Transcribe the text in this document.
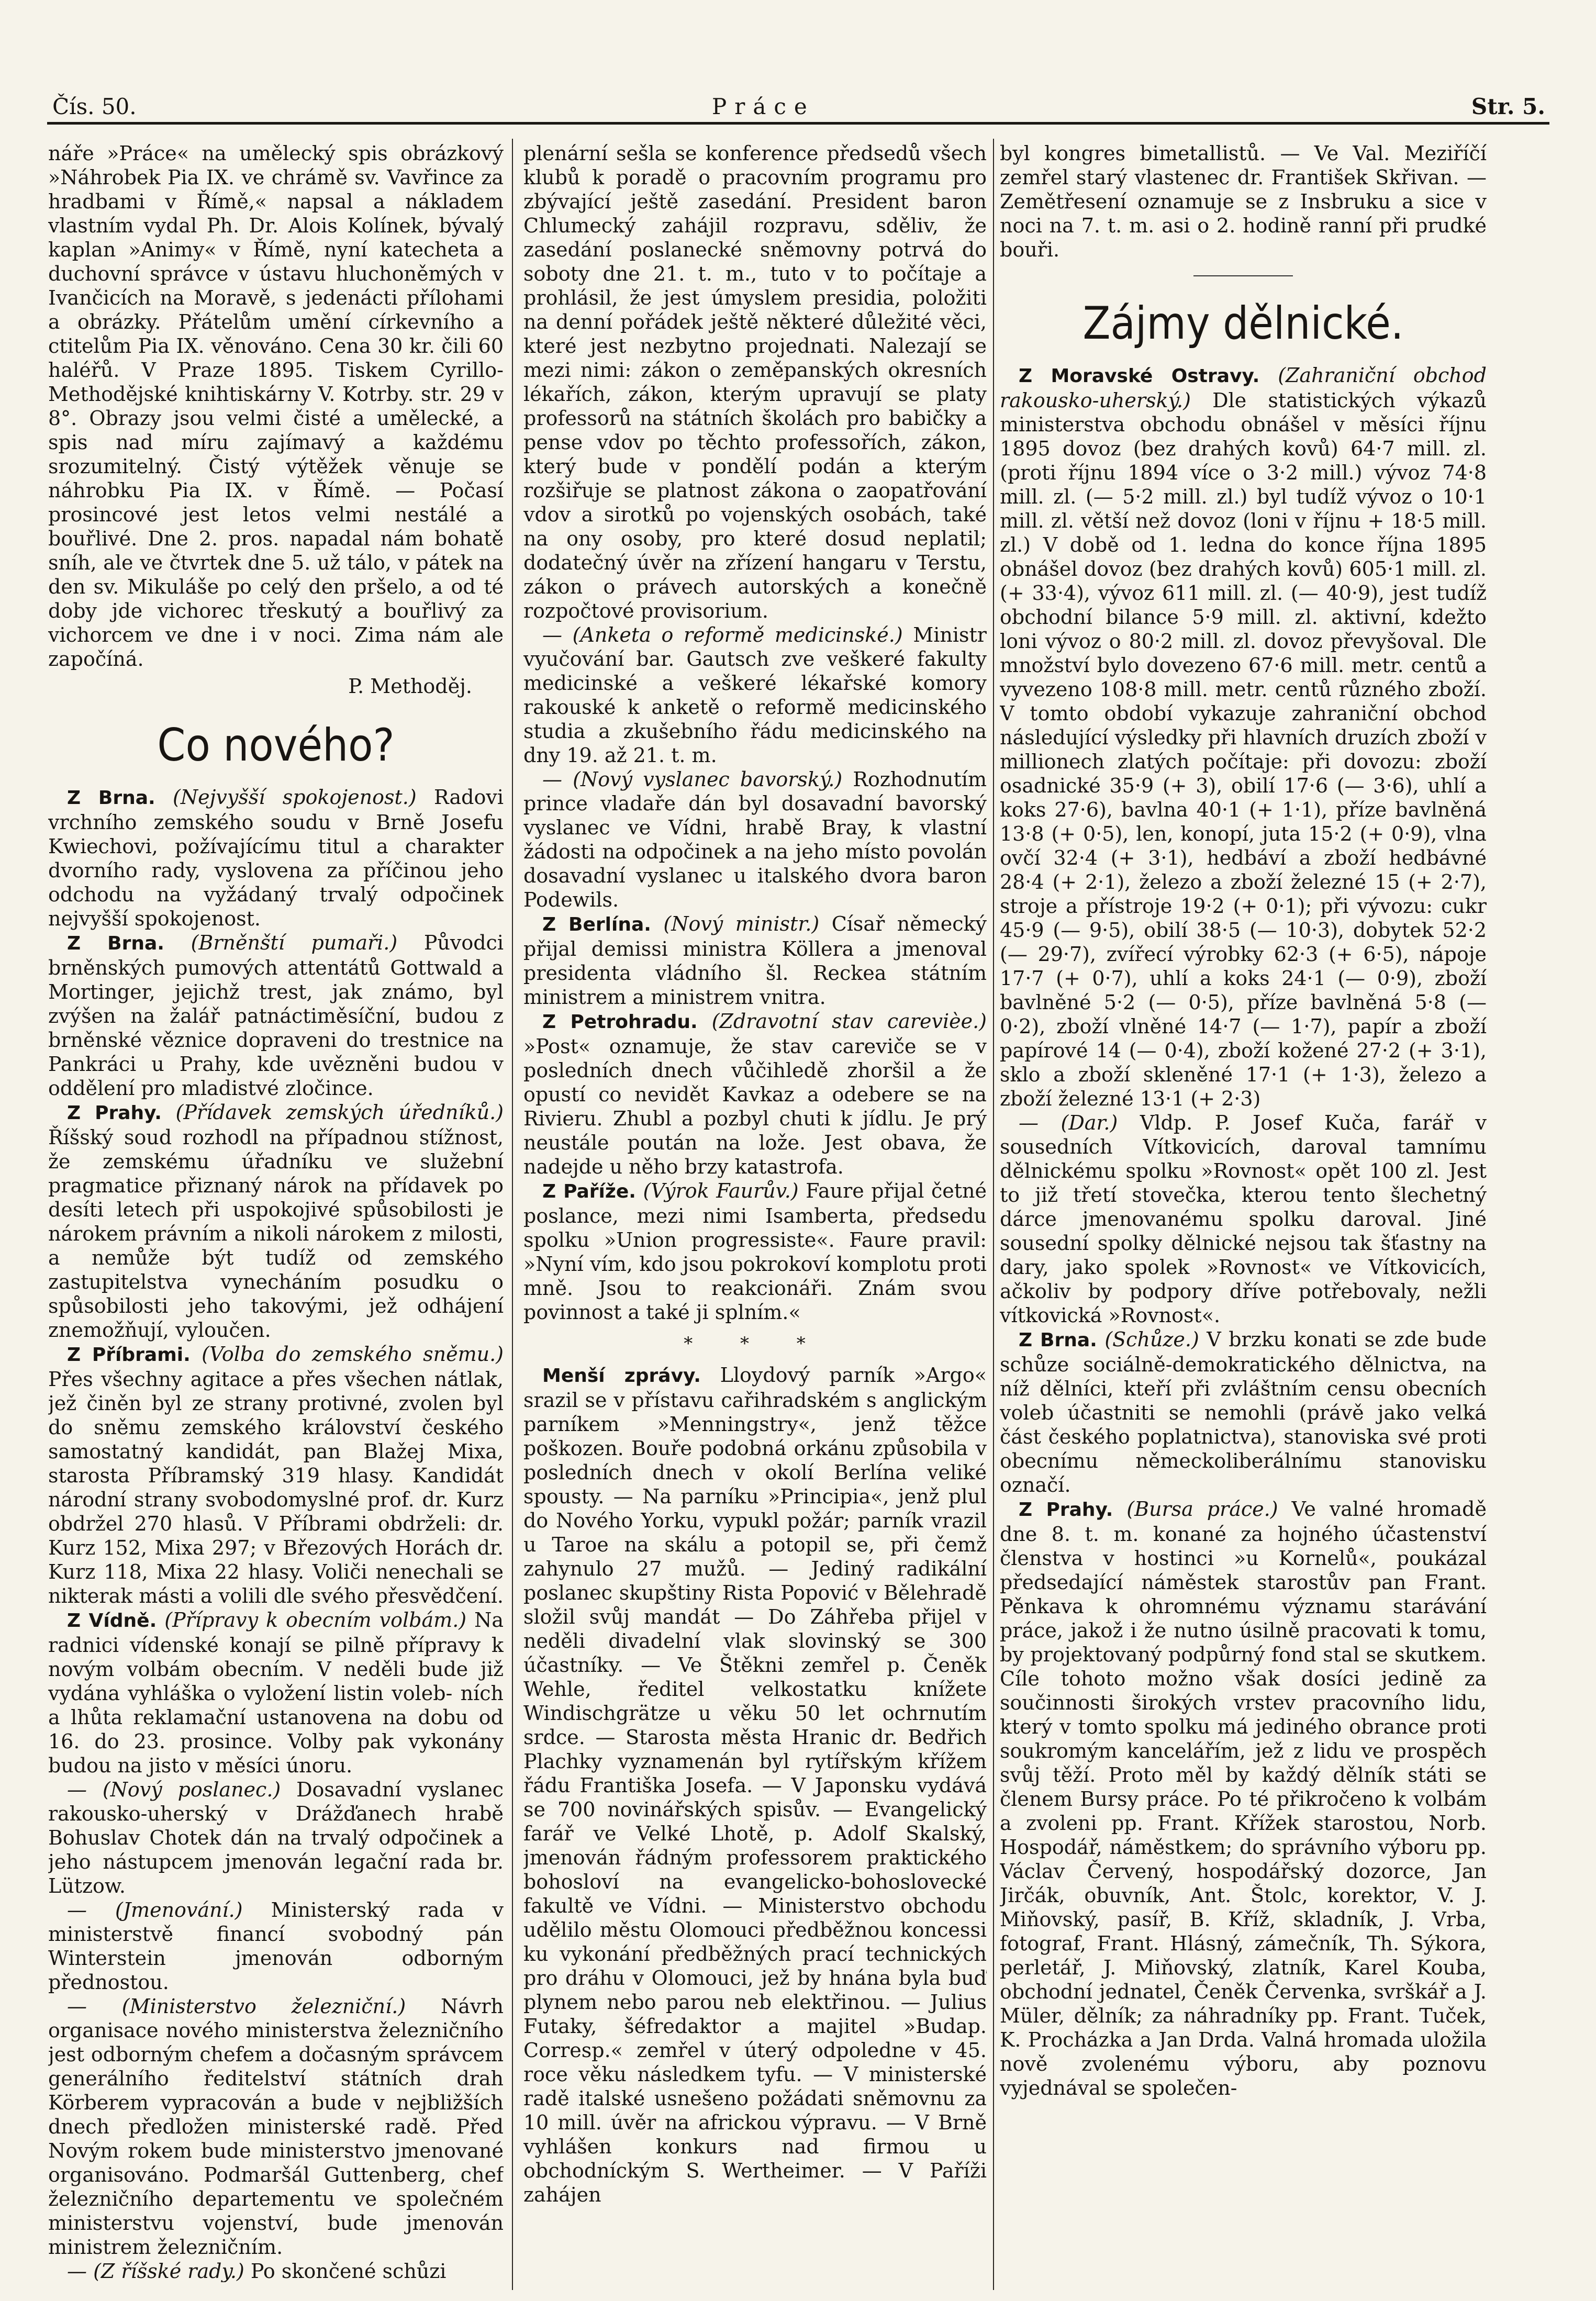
Čís. 50.	Práce	Str. 5.

náře »Práce« na umělecký spis obrázkový »Náhrobek Pia IX. ve chrámě sv. Vavřince za hradbami v Římě,« napsal a nákladem vlastním vydal Ph. Dr. Alois Kolínek, bývalý kaplan »Animy« v Římě, nyní katecheta a duchovní správce v ústavu hluchoněmých v Ivančicích na Moravě, s jedenácti přílohami a obrázky. Přátelům umění církevního a ctitelům Pia IX. věnováno. Cena 30 kr. čili 60 haléřů. V Praze 1895. Tiskem Cyrillo-Methodějské knihtiskárny V. Kotrby. str. 29 v 8°. Obrazy jsou velmi čisté a umělecké, a spis nad míru zajímavý a každému srozumitelný. Čistý výtěžek věnuje se náhrobku Pia IX. v Římě. — Počasí prosincové jest letos velmi nestálé a bouřlivé. Dne 2. pros. napadal nám bohatě sníh, ale ve čtvrtek dne 5. už tálo, v pátek na den sv. Mikuláše po celý den pršelo, a od té doby jde vichorec třeskutý a bouřlivý za vichorcem ve dne i v noci. Zima nám ale započíná.

P. Methoděj.
Co nového?

Z Brna. (Nejvyšší spokojenost.) Radovi vrchního zemského soudu v Brně Josefu Kwiechovi, požívajícímu titul a charakter dvorního rady, vyslovena za příčinou jeho odchodu na vyžádaný trvalý odpočinek nejvyšší spokojenost.

Z Brna. (Brněnští pumaři.) Původci brněnských pumových attentátů Gottwald a Mortinger, jejichž trest, jak známo, byl zvýšen na žalář patnáctiměsíční, budou z brněnské věznice dopraveni do trestnice na Pankráci u Prahy, kde uvězněni budou v oddělení pro mladistvé zločince.

Z Prahy. (Přídavek zemských úředníků.) Říšský soud rozhodl na případnou stížnost, že zemskému úřadníku ve služební pragmatice přiznaný nárok na přídavek po desíti letech při uspokojivé spůsobilosti je nárokem právním a nikoli nárokem z milosti, a nemůže být tudíž od zemského zastupitelstva vynecháním posudku o spůsobilosti jeho takovými, jež odhájení znemožňují, vyloučen.

Z Příbrami. (Volba do zemského sněmu.) Přes všechny agitace a přes všechen nátlak, jež činěn byl ze strany protivné, zvolen byl do sněmu zemského království českého samostatný kandidát, pan Blažej Mixa, starosta Příbramský 319 hlasy. Kandidát národní strany svobodomyslné prof. dr. Kurz obdržel 270 hlasů. V Příbrami obdrželi: dr. Kurz 152, Mixa 297; v Březových Horách dr. Kurz 118, Mixa 22 hlasy. Voliči nenechali se nikterak másti a volili dle svého přesvědčení.

Z Vídně. (Přípravy k obecním volbám.) Na radnici vídenské konají se pilně přípravy k novým volbám obecním. V neděli bude již vydána vyhláška o vyložení listin voleb- ních a lhůta reklamační ustanovena na dobu od 16. do 23. prosince. Volby pak vykonány budou na jisto v měsíci únoru.

— (Nový poslanec.) Dosavadní vyslanec rakousko-uherský v Drážďanech hrabě Bohuslav Chotek dán na trvalý odpočinek a jeho nástupcem jmenován legační rada br. Lützow.

— (Jmenování.) Ministerský rada v ministerstvě financí svobodný pán Winterstein jmenován odborným přednostou.

— (Ministerstvo železniční.) Návrh organisace nového ministerstva železničního jest odborným chefem a dočasným správcem generálního ředitelství státních drah Körberem vypracován a bude v nejbližších dnech předložen ministerské radě. Před Novým rokem bude ministerstvo jmenované organisováno. Podmaršál Guttenberg, chef železničního departementu ve společném ministerstvu vojenství, bude jmenován ministrem železničním.

— (Z říšské rady.) Po skončené schůzi

plenární sešla se konference předsedů všech klubů k poradě o pracovním programu pro zbývající ještě zasedání. President baron Chlumecký zahájil rozpravu, sděliv, že zasedání poslanecké sněmovny potrvá do soboty dne 21. t. m., tuto v to počítaje a prohlásil, že jest úmyslem presidia, položiti na denní pořádek ještě některé důležité věci, které jest nezbytno projednati. Nalezají se mezi nimi: zákon o zeměpanských okresních lékařích, zákon, kterým upravují se platy professorů na státních školách pro babičky a pense vdov po těchto professořích, zákon, který bude v pondělí podán a kterým rozšiřuje se platnost zákona o zaopatřování vdov a sirotků po vojenských osobách, také na ony osoby, pro které dosud neplatil; dodatečný úvěr na zřízení hangaru v Terstu, zákon o právech autorských a konečně rozpočtové provisorium.

— (Anketa o reformě medicinské.) Ministr vyučování bar. Gautsch zve veškeré fakulty medicinské a veškeré lékařské komory rakouské k anketě o reformě medicinského studia a zkušebního řádu medicinského na dny 19. až 21. t. m.

— (Nový vyslanec bavorský.) Rozhodnutím prince vladaře dán byl dosavadní bavorský vyslanec ve Vídni, hrabě Bray, k vlastní žádosti na odpočinek a na jeho místo povolán dosavadní vyslanec u italského dvora baron Podewils.

Z Berlína. (Nový ministr.) Císař německý přijal demissi ministra Köllera a jmenoval presidenta vládního šl. Reckea státním ministrem a ministrem vnitra.

Z Petrohradu. (Zdravotní stav carevièe.) »Post« oznamuje, že stav careviče se v posledních dnech vůčihledě zhoršil a že opustí co nevidět Kavkaz a odebere se na Rivieru. Zhubl a pozbyl chuti k jídlu. Je prý neustále poután na lože. Jest obava, že nadejde u něho brzy katastrofa.

Z Paříže. (Výrok Faurův.) Faure přijal četné poslance, mezi nimi Isamberta, předsedu spolku »Union progressiste«. Faure pravil: »Nyní vím, kdo jsou pokrokoví komplotu proti mně. Jsou to reakcionáři. Znám svou povinnost a také ji splním.«

* * *

Menší zprávy. Lloydový parník »Argo« srazil se v přístavu cařihradském s anglickým parníkem »Menningstry«, jenž těžce poškozen. Bouře podobná orkánu způsobila v posledních dnech v okolí Berlína veliké spousty. — Na parníku »Principia«, jenž plul do Nového Yorku, vypukl požár; parník vrazil u Taroe na skálu a potopil se, při čemž zahynulo 27 mužů. — Jediný radikální poslanec skupštiny Rista Popović v Bělehradě složil svůj mandát — Do Záhřeba přijel v neděli divadelní vlak slovinský se 300 účastníky. — Ve Štěkni zemřel p. Čeněk Wehle, ředitel velkostatku knížete Windischgrätze u věku 50 let ochrnutím srdce. — Starosta města Hranic dr. Bedřich Plachky vyznamenán byl rytířským křížem řádu Františka Josefa. — V Japonsku vydává se 700 novinářských spisův. — Evangelický farář ve Velké Lhotě, p. Adolf Skalský, jmenován řádným professorem praktického bohosloví na evangelicko-bohoslovecké fakultě ve Vídni. — Ministerstvo obchodu udělilo městu Olomouci předběžnou koncessi ku vykonání předběžných prací technických pro dráhu v Olomouci, jež by hnána byla buď plynem nebo parou neb elektřinou. — Julius Futaky, šéfredaktor a majitel »Budap. Corresp.« zemřel v úterý odpoledne v 45. roce věku následkem tyfu. — V ministerské radě italské usnešeno požádati sněmovnu za 10 mill. úvěr na africkou výpravu. — V Brně vyhlášen konkurs nad firmou u obchodníckým S. Wertheimer. — V Paříži zahájen

byl kongres bimetallistů. — Ve Val. Meziříčí zemřel starý vlastenec dr. František Skřivan. — Zemětřesení oznamuje se z Insbruku a sice v noci na 7. t. m. asi o 2. hodině ranní při prudké bouři.

Zájmy dělnické.

Z Moravské Ostravy. (Zahraniční obchod rakousko-uherský.) Dle statistických výkazů ministerstva obchodu obnášel v měsíci říjnu 1895 dovoz (bez drahých kovů) 64·7 mill. zl. (proti říjnu 1894 více o 3·2 mill.) vývoz 74·8 mill. zl. (— 5·2 mill. zl.) byl tudíž vývoz o 10·1 mill. zl. větší než dovoz (loni v říjnu + 18·5 mill. zl.) V době od 1. ledna do konce října 1895 obnášel dovoz (bez drahých kovů) 605·1 mill. zl. (+ 33·4), vývoz 611 mill. zl. (— 40·9), jest tudíž obchodní bilance 5·9 mill. zl. aktivní, kdežto loni vývoz o 80·2 mill. zl. dovoz převyšoval. Dle množství bylo dovezeno 67·6 mill. metr. centů a vyvezeno 108·8 mill. metr. centů různého zboží. V tomto období vykazuje zahraniční obchod následující výsledky při hlavních druzích zboží v millionech zlatých počítaje: při dovozu: zboží osadnické 35·9 (+ 3), obilí 17·6 (— 3·6), uhlí a koks 27·6), bavlna 40·1 (+ 1·1), příze bavlněná 13·8 (+ 0·5), len, konopí, juta 15·2 (+ 0·9), vlna ovčí 32·4 (+ 3·1), hedbáví a zboží hedbávné 28·4 (+ 2·1), železo a zboží železné 15 (+ 2·7), stroje a přístroje 19·2 (+ 0·1); při vývozu: cukr 45·9 (— 9·5), obilí 38·5 (— 10·3), dobytek 52·2 (— 29·7), zvířecí výrobky 62·3 (+ 6·5), nápoje 17·7 (+ 0·7), uhlí a koks 24·1 (— 0·9), zboží bavlněné 5·2 (— 0·5), příze bavlněná 5·8 (— 0·2), zboží vlněné 14·7 (— 1·7), papír a zboží papírové 14 (— 0·4), zboží kožené 27·2 (+ 3·1), sklo a zboží skleněné 17·1 (+ 1·3), železo a zboží železné 13·1 (+ 2·3)

— (Dar.) Vldp. P. Josef Kuča, farář v sousedních Vítkovicích, daroval tamnímu dělnickému spolku »Rovnost« opět 100 zl. Jest to již třetí stovečka, kterou tento šlechetný dárce jmenovanému spolku daroval. Jiné sousední spolky dělnické nejsou tak šťastny na dary, jako spolek »Rovnost« ve Vítkovicích, ačkoliv by podpory dříve potřebovaly, nežli vítkovická »Rovnost«.

Z Brna. (Schůze.) V brzku konati se zde bude schůze sociálně-demokratického dělnictva, na níž dělníci, kteří při zvláštním censu obecních voleb účastniti se nemohli (právě jako velká část českého poplatnictva), stanoviska své proti obecnímu německoliberálnímu stanovisku označí.

Z Prahy. (Bursa práce.) Ve valné hromadě dne 8. t. m. konané za hojného účastenství členstva v hostinci »u Kornelů«, poukázal předsedající náměstek starostův pan Frant. Pěnkava k ohromnému významu starávání práce, jakož i že nutno úsilně pracovati k tomu, by projektovaný podpůrný fond stal se skutkem. Cíle tohoto možno však dosíci jedině za součinnosti širokých vrstev pracovního lidu, který v tomto spolku má jediného obrance proti soukromým kancelářím, jež z lidu ve prospěch svůj těží. Proto měl by každý dělník státi se členem Bursy práce. Po té přikročeno k volbám a zvoleni pp. Frant. Křížek starostou, Norb. Hospodář, náměstkem; do správního výboru pp. Václav Červený, hospodářský dozorce, Jan Jirčák, obuvník, Ant. Štolc, korektor, V. J. Miňovský, pasíř, B. Kříž, skladník, J. Vrba, fotograf, Frant. Hlásný, zámečník, Th. Sýkora, perletář, J. Miňovský, zlatník, Karel Kouba, obchodní jednatel, Čeněk Červenka, svrškář a J. Müler, dělník; za náhradníky pp. Frant. Tuček, K. Procházka a Jan Drda. Valná hromada uložila nově zvolenému výboru, aby poznovu vyjednával se společen-
